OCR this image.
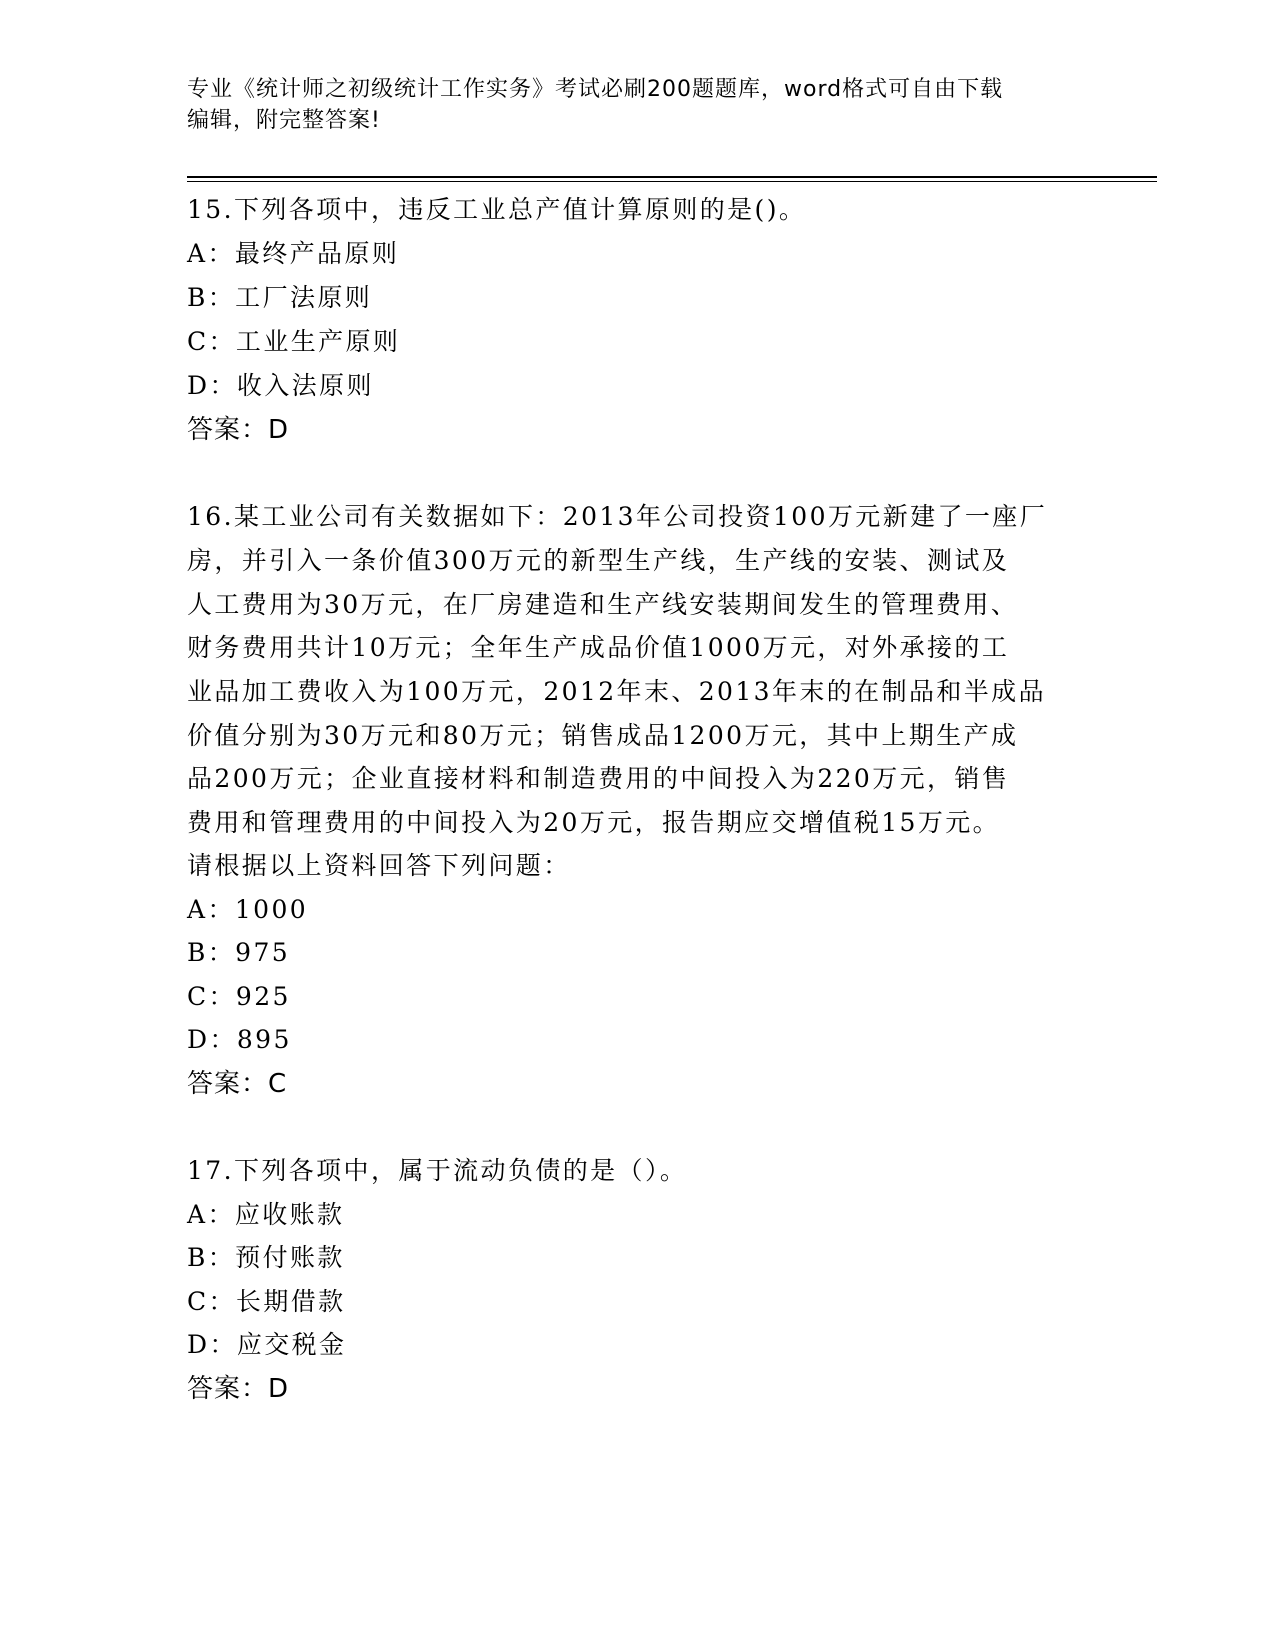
专业《统计师之初级统计工作实务》考试必刷200题题库，word格式可自由下载
编辑，附完整答案!
15.下列各项中，违反工业总产值计算原则的是()。
A：最终产品原则
B：工厂法原则
C：工业生产原则
D：收入法原则
答案：D
16.某工业公司有关数据如下：2013年公司投资100万元新建了一座厂
房，并引入一条价值300万元的新型生产线，生产线的安装、测试及
人工费用为30万元，在厂房建造和生产线安装期间发生的管理费用、
财务费用共计10万元；全年生产成品价值1000万元，对外承接的工
业品加工费收入为100万元，2012年末、2013年末的在制品和半成品
价值分别为30万元和80万元；销售成品1200万元，其中上期生产成
品200万元；企业直接材料和制造费用的中间投入为220万元，销售
费用和管理费用的中间投入为20万元，报告期应交增值税15万元。
请根据以上资料回答下列问题：
A：1000
B：975
C：925
D：895
答案：C
17.下列各项中，属于流动负债的是（）。
A：应收账款
B：预付账款
C：长期借款
D：应交税金
答案：D
